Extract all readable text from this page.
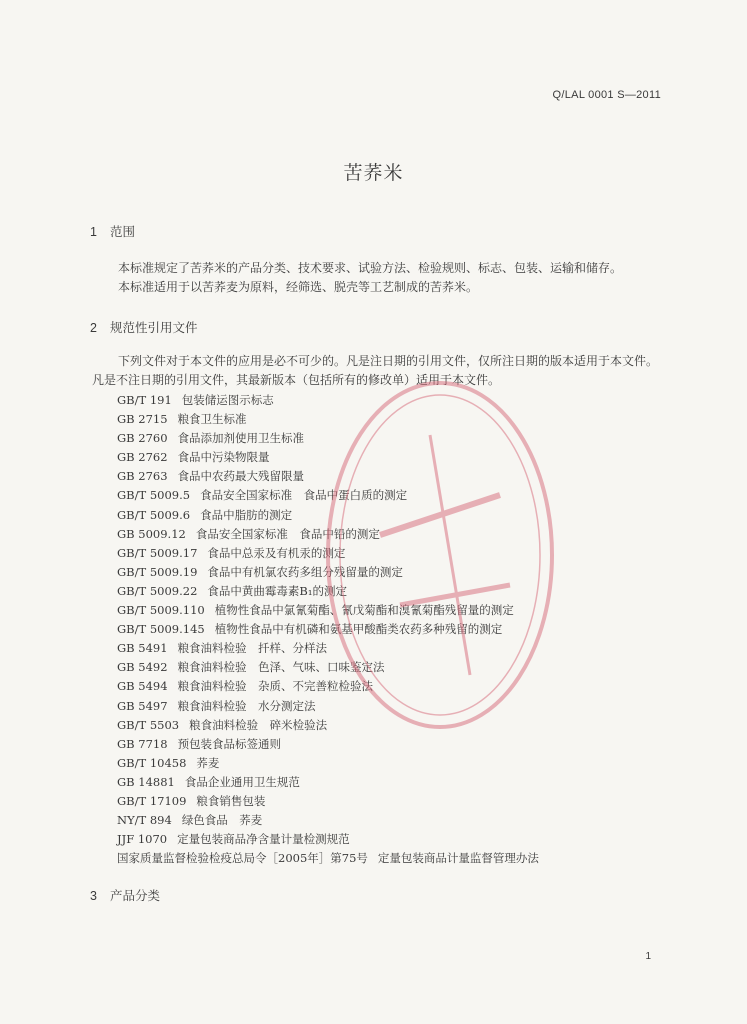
Q/LAL 0001 S—2011
苦荞米
1 范围
本标准规定了苦荞米的产品分类、技术要求、试验方法、检验规则、标志、包装、运输和储存。
本标准适用于以苦荞麦为原料，经筛选、脱壳等工艺制成的苦荞米。
2 规范性引用文件
下列文件对于本文件的应用是必不可少的。凡是注日期的引用文件，仅所注日期的版本适用于本文件。凡是不注日期的引用文件，其最新版本（包括所有的修改单）适用于本文件。
GB/T 191 包装储运图示标志
GB 2715 粮食卫生标准
GB 2760 食品添加剂使用卫生标准
GB 2762 食品中污染物限量
GB 2763 食品中农药最大残留限量
GB/T 5009.5 食品安全国家标准　食品中蛋白质的测定
GB/T 5009.6 食品中脂肪的测定
GB 5009.12 食品安全国家标准　食品中铅的测定
GB/T 5009.17 食品中总汞及有机汞的测定
GB/T 5009.19 食品中有机氯农药多组分残留量的测定
GB/T 5009.22 食品中黄曲霉毒素B₁的测定
GB/T 5009.110 植物性食品中氯氰菊酯、氰戊菊酯和溴氰菊酯残留量的测定
GB/T 5009.145 植物性食品中有机磷和氨基甲酸酯类农药多种残留的测定
GB 5491 粮食油料检验　扦样、分样法
GB 5492 粮食油料检验　色泽、气味、口味鉴定法
GB 5494 粮食油料检验　杂质、不完善粒检验法
GB 5497 粮食油料检验　水分测定法
GB/T 5503 粮食油料检验　碎米检验法
GB 7718 预包装食品标签通则
GB/T 10458 荞麦
GB 14881 食品企业通用卫生规范
GB/T 17109 粮食销售包装
NY/T 894 绿色食品　荞麦
JJF 1070 定量包装商品净含量计量检测规范
国家质量监督检验检疫总局令［2005年］第75号 定量包装商品计量监督管理办法
3 产品分类
1
